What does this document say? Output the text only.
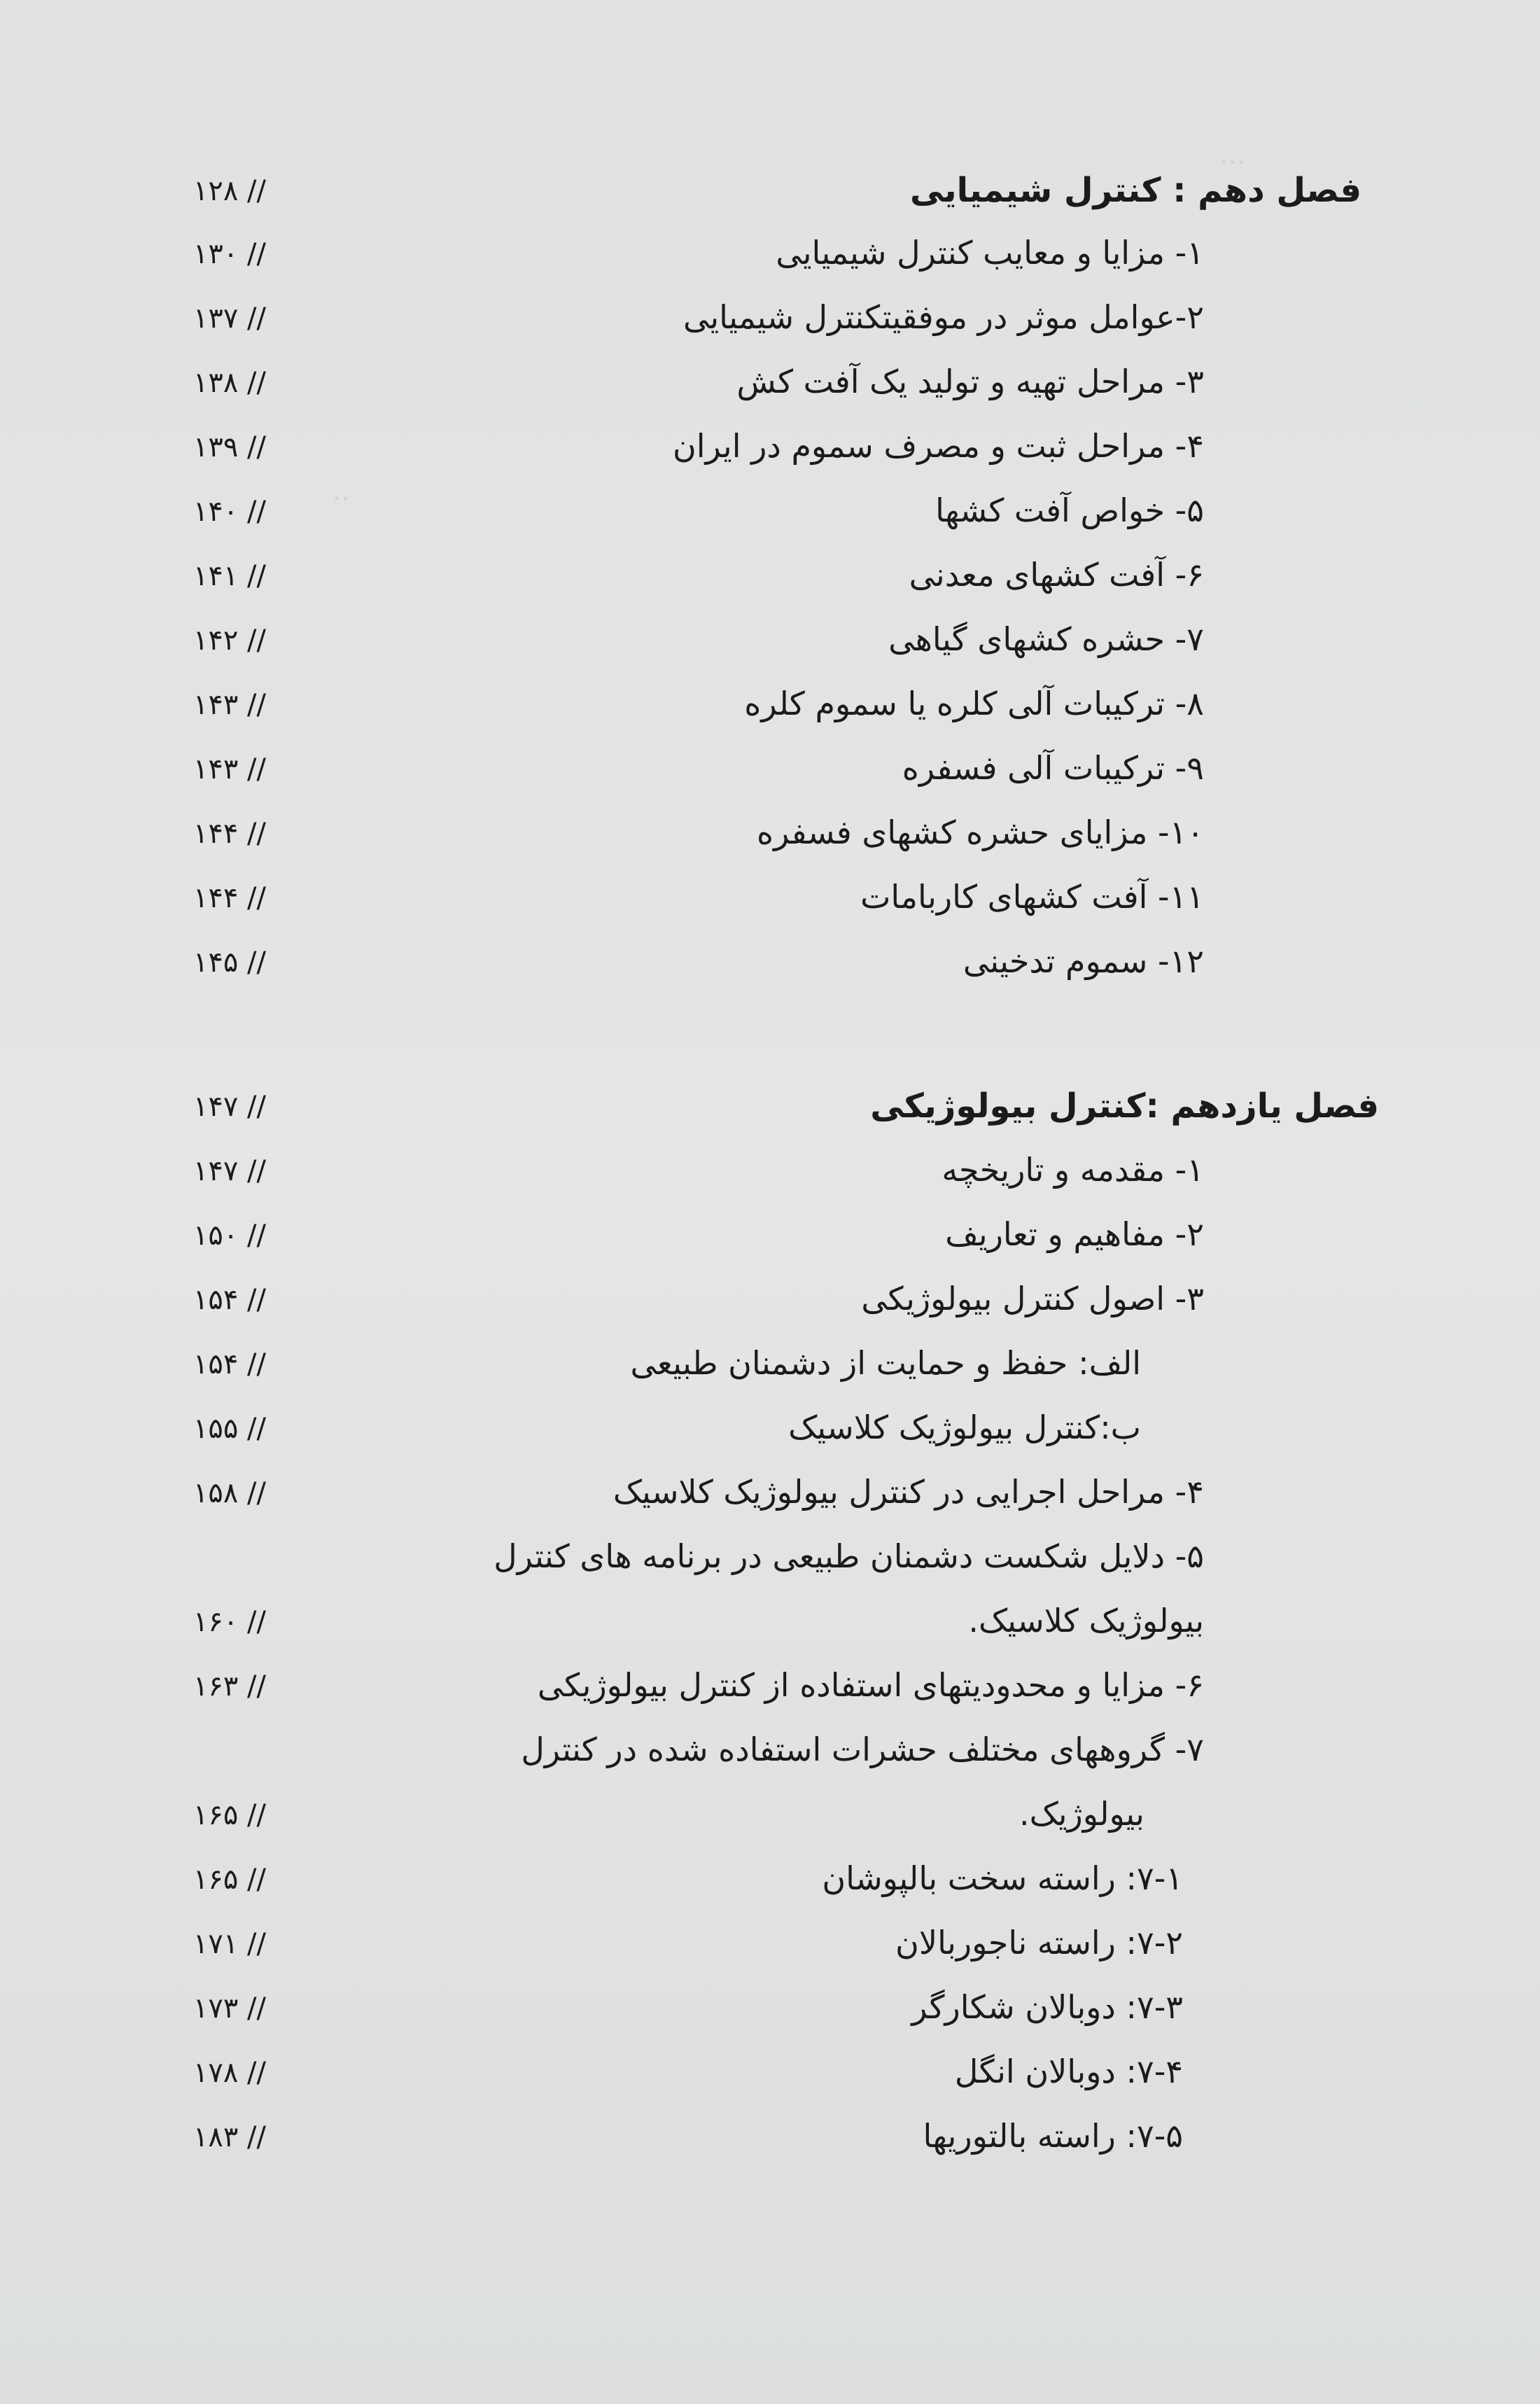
···
··
// ۱۲۸	فصل دهم : کنترل شیمیایی
// ۱۳۰	۱- مزایا و معایب کنترل شیمیایی
// ۱۳۷	۲-عوامل موثر در موفقیتکنترل شیمیایی
// ۱۳۸	۳- مراحل تهیه و تولید یک آفت کش
// ۱۳۹	۴- مراحل ثبت و مصرف سموم در ایران
// ۱۴۰	۵- خواص آفت کشها
// ۱۴۱	۶- آفت کشهای معدنی
// ۱۴۲	۷- حشره کشهای گیاهی
// ۱۴۳	۸- ترکیبات آلی کلره یا سموم کلره
// ۱۴۳	۹- ترکیبات آلی فسفره
// ۱۴۴	۱۰- مزایای حشره کشهای فسفره
// ۱۴۴	۱۱- آفت کشهای کاربامات
// ۱۴۵	۱۲- سموم تدخینی
// ۱۴۷	فصل یازدهم :کنترل بیولوژیکی
// ۱۴۷	۱- مقدمه و تاریخچه
// ۱۵۰	۲- مفاهیم و تعاریف
// ۱۵۴	۳- اصول کنترل بیولوژیکی
// ۱۵۴	الف: حفظ و حمایت از دشمنان طبیعی
// ۱۵۵	ب:کنترل بیولوژیک کلاسیک
// ۱۵۸	۴- مراحل اجرایی در کنترل بیولوژیک کلاسیک
۵- دلایل شکست دشمنان طبیعی در برنامه های کنترل
// ۱۶۰	بیولوژیک کلاسیک.
// ۱۶۳	۶- مزایا و محدودیتهای استفاده از کنترل بیولوژیکی
۷- گروههای مختلف حشرات استفاده شده در کنترل
// ۱۶۵	بیولوژیک.
// ۱۶۵	۷-۱: راسته سخت بالپوشان
// ۱۷۱	۷-۲: راسته ناجوربالان
// ۱۷۳	۷-۳: دوبالان شکارگر
// ۱۷۸	۷-۴: دوبالان انگل
// ۱۸۳	۷-۵: راسته بالتوریها
